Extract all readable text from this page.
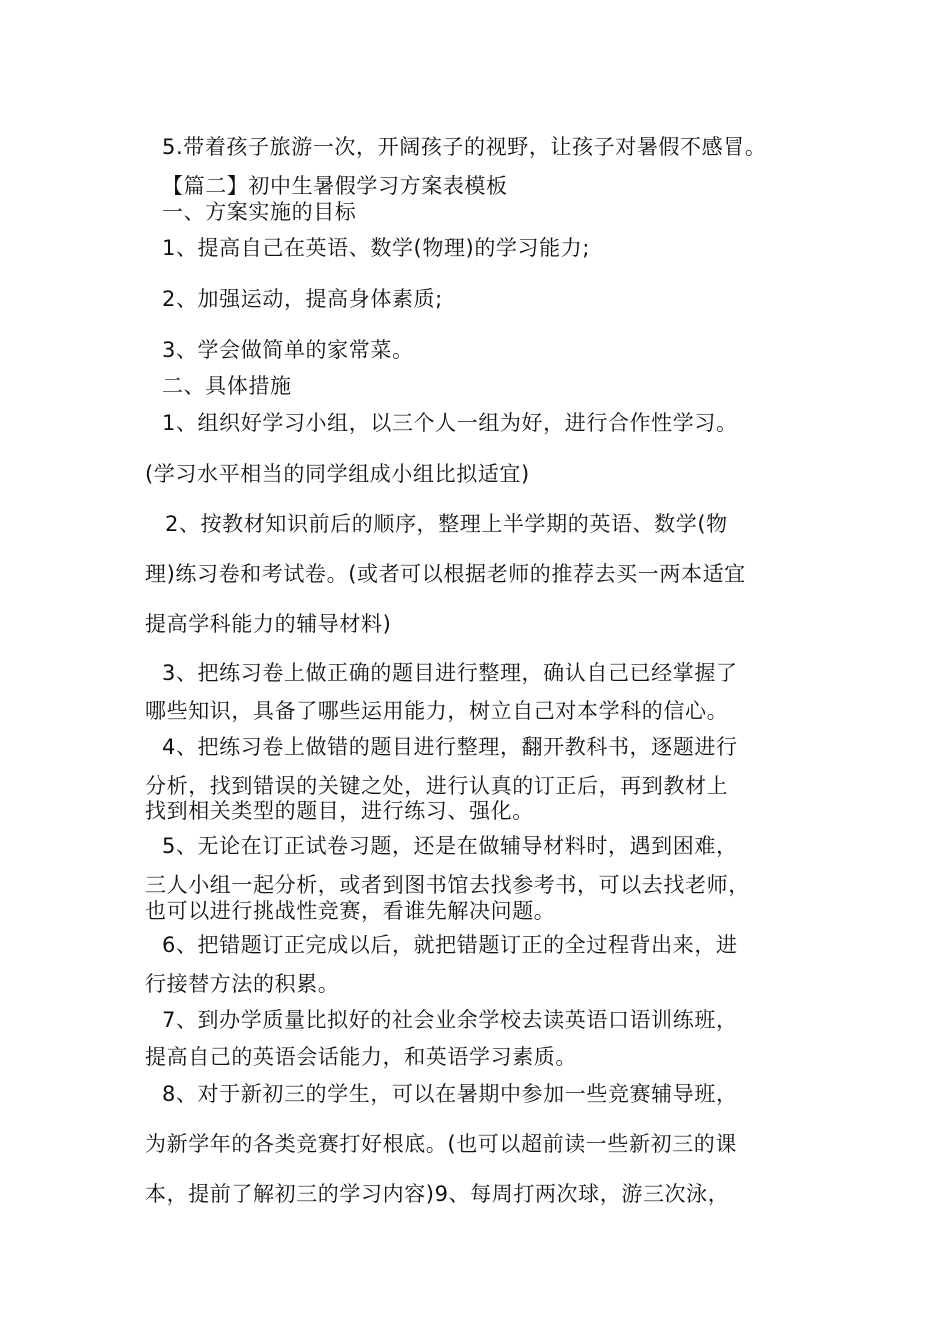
5.带着孩子旅游一次，开阔孩子的视野，让孩子对暑假不感冒。
【篇二】初中生暑假学习方案表模板
一、方案实施的目标
1、提高自己在英语、数学(物理)的学习能力;
2、加强运动，提高身体素质;
3、学会做简单的家常菜。
二、具体措施
1、组织好学习小组，以三个人一组为好，进行合作性学习。
(学习水平相当的同学组成小组比拟适宜)
2、按教材知识前后的顺序，整理上半学期的英语、数学(物
理)练习卷和考试卷。(或者可以根据老师的推荐去买一两本适宜
提高学科能力的辅导材料)
3、把练习卷上做正确的题目进行整理，确认自己已经掌握了
哪些知识，具备了哪些运用能力，树立自己对本学科的信心。
4、把练习卷上做错的题目进行整理，翻开教科书，逐题进行
分析，找到错误的关键之处，进行认真的订正后，再到教材上
找到相关类型的题目，进行练习、强化。
5、无论在订正试卷习题，还是在做辅导材料时，遇到困难，
三人小组一起分析，或者到图书馆去找参考书，可以去找老师，
也可以进行挑战性竞赛，看谁先解决问题。
6、把错题订正完成以后，就把错题订正的全过程背出来，进
行接替方法的积累。
7、到办学质量比拟好的社会业余学校去读英语口语训练班，
提高自己的英语会话能力，和英语学习素质。
8、对于新初三的学生，可以在暑期中参加一些竞赛辅导班，
为新学年的各类竞赛打好根底。(也可以超前读一些新初三的课
本，提前了解初三的学习内容)9、每周打两次球，游三次泳，
